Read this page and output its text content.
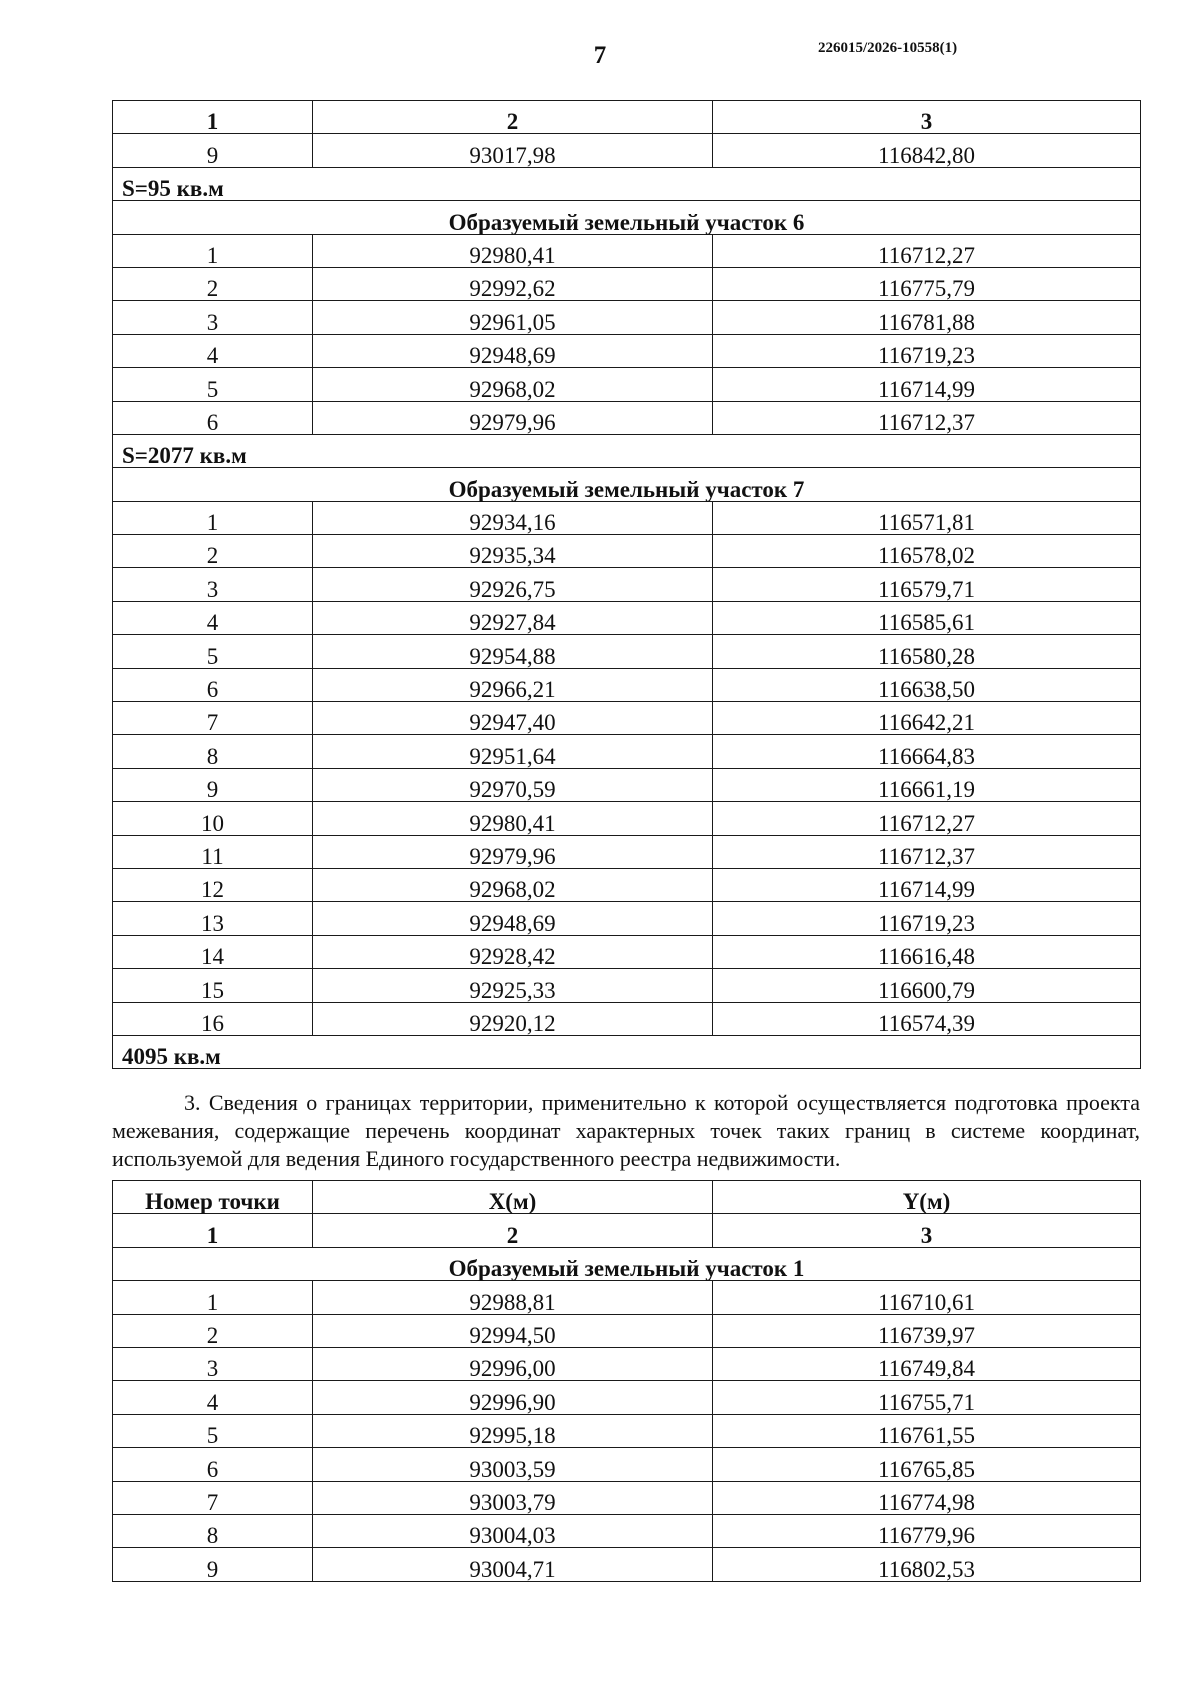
7	226015/2026-10558(1)
1	2	3
9	93017,98	116842,80
S=95 кв.м		
Образуемый земельный участок 6		
1	92980,41	116712,27
2	92992,62	116775,79
3	92961,05	116781,88
4	92948,69	116719,23
5	92968,02	116714,99
6	92979,96	116712,37
S=2077 кв.м		
Образуемый земельный участок 7		
1	92934,16	116571,81
2	92935,34	116578,02
3	92926,75	116579,71
4	92927,84	116585,61
5	92954,88	116580,28
6	92966,21	116638,50
7	92947,40	116642,21
8	92951,64	116664,83
9	92970,59	116661,19
10	92980,41	116712,27
11	92979,96	116712,37
12	92968,02	116714,99
13	92948,69	116719,23
14	92928,42	116616,48
15	92925,33	116600,79
16	92920,12	116574,39
4095 кв.м		

3. Сведения о границах территории, применительно к которой осуществляется подготовка проекта межевания, содержащие перечень координат характерных точек таких границ в системе координат, используемой для ведения Единого государственного реестра недвижимости.

Номер точки	X(м)	Y(м)
1	2	3
Образуемый земельный участок 1		
1	92988,81	116710,61
2	92994,50	116739,97
3	92996,00	116749,84
4	92996,90	116755,71
5	92995,18	116761,55
6	93003,59	116765,85
7	93003,79	116774,98
8	93004,03	116779,96
9	93004,71	116802,53
